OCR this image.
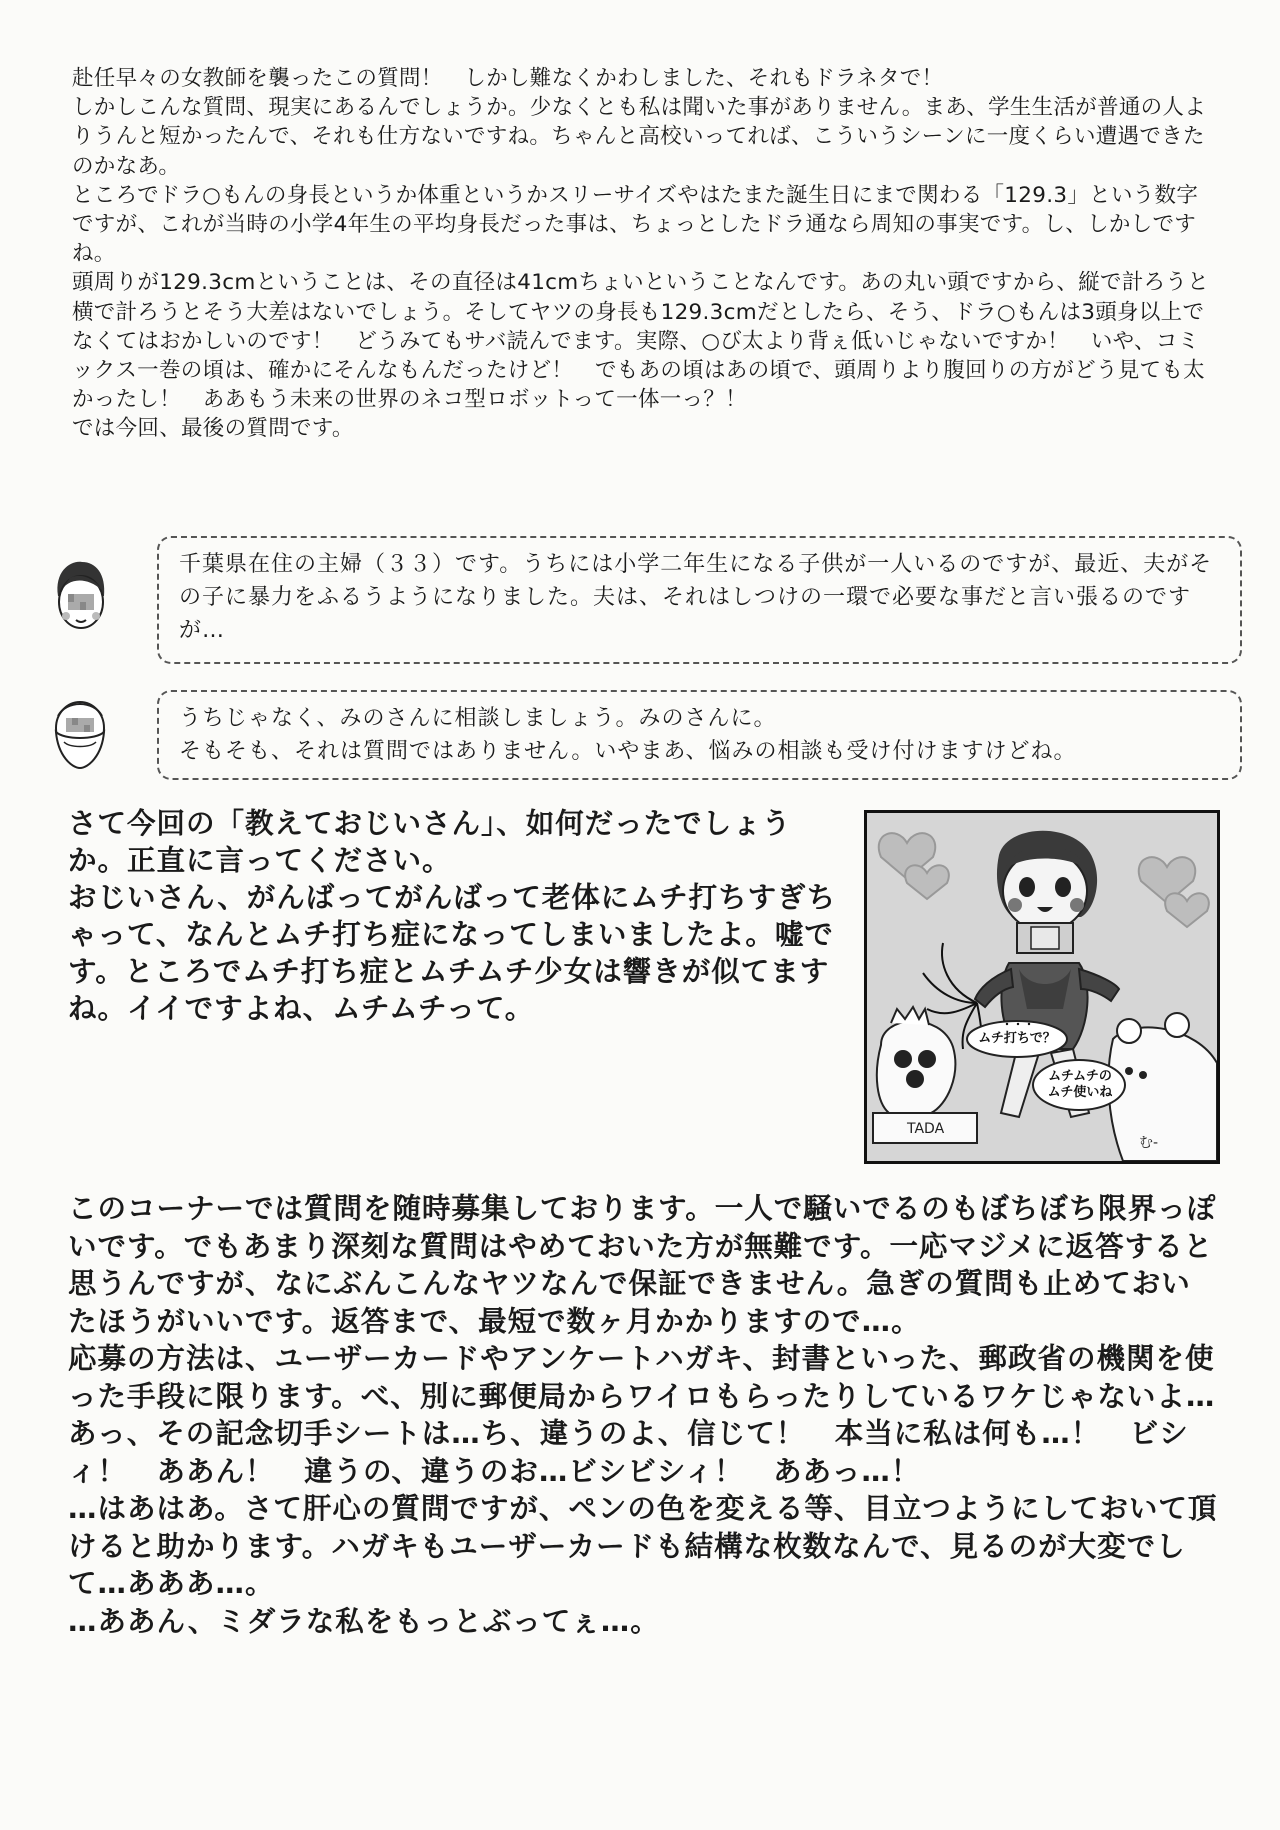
赴任早々の女教師を襲ったこの質問！　しかし難なくかわしました、それもドラネタで！

しかしこんな質問、現実にあるんでしょうか。少なくとも私は聞いた事がありません。まあ、学生生活が普通の人よりうんと短かったんで、それも仕方ないですね。ちゃんと高校いってれば、こういうシーンに一度くらい遭遇できたのかなあ。

ところでドラ○もんの身長というか体重というかスリーサイズやはたまた誕生日にまで関わる「129.3」という数字ですが、これが当時の小学4年生の平均身長だった事は、ちょっとしたドラ通なら周知の事実です。し、しかしですね。

頭周りが129.3cmということは、その直径は41cmちょいということなんです。あの丸い頭ですから、縦で計ろうと横で計ろうとそう大差はないでしょう。そしてヤツの身長も129.3cmだとしたら、そう、ドラ○もんは3頭身以上でなくてはおかしいのです！　どうみてもサバ読んでます。実際、○び太より背ぇ低いじゃないですか！　いや、コミックス一巻の頃は、確かにそんなもんだったけど！　でもあの頃はあの頃で、頭周りより腹回りの方がどう見ても太かったし！　ああもう未来の世界のネコ型ロボットって一体一っ？！

では今回、最後の質問です。

千葉県在住の主婦（３３）です。うちには小学二年生になる子供が一人いるのですが、最近、夫がその子に暴力をふるうようになりました。夫は、それはしつけの一環で必要な事だと言い張るのですが…

うちじゃなく、みのさんに相談しましょう。みのさんに。

そもそも、それは質問ではありません。いやまあ、悩みの相談も受け付けますけどね。

さて今回の「教えておじいさん」、如何だったでしょうか。正直に言ってください。

おじいさん、がんばってがんばって老体にムチ打ちすぎちゃって、なんとムチ打ち症になってしまいましたよ。嘘です。ところでムチ打ち症とムチムチ少女は響きが似てますね。イイですよね、ムチムチって。

TADA
む-
・・・
ムチ打ちで？
ムチムチの
ムチ使いね

このコーナーでは質問を随時募集しております。一人で騒いでるのもぼちぼち限界っぽいです。でもあまり深刻な質問はやめておいた方が無難です。一応マジメに返答すると思うんですが、なにぶんこんなヤツなんで保証できません。急ぎの質問も止めておいたほうがいいです。返答まで、最短で数ヶ月かかりますので…。

応募の方法は、ユーザーカードやアンケートハガキ、封書といった、郵政省の機関を使った手段に限ります。べ、別に郵便局からワイロもらったりしているワケじゃないよ…あっ、その記念切手シートは…ち、違うのよ、信じて！　本当に私は何も…！　ビシィ！　ああん！　違うの、違うのお…ビシビシィ！　ああっ…！

…はあはあ。さて肝心の質問ですが、ペンの色を変える等、目立つようにしておいて頂けると助かります。ハガキもユーザーカードも結構な枚数なんで、見るのが大変でして…あああ…。

…ああん、ミダラな私をもっとぶってぇ…。
